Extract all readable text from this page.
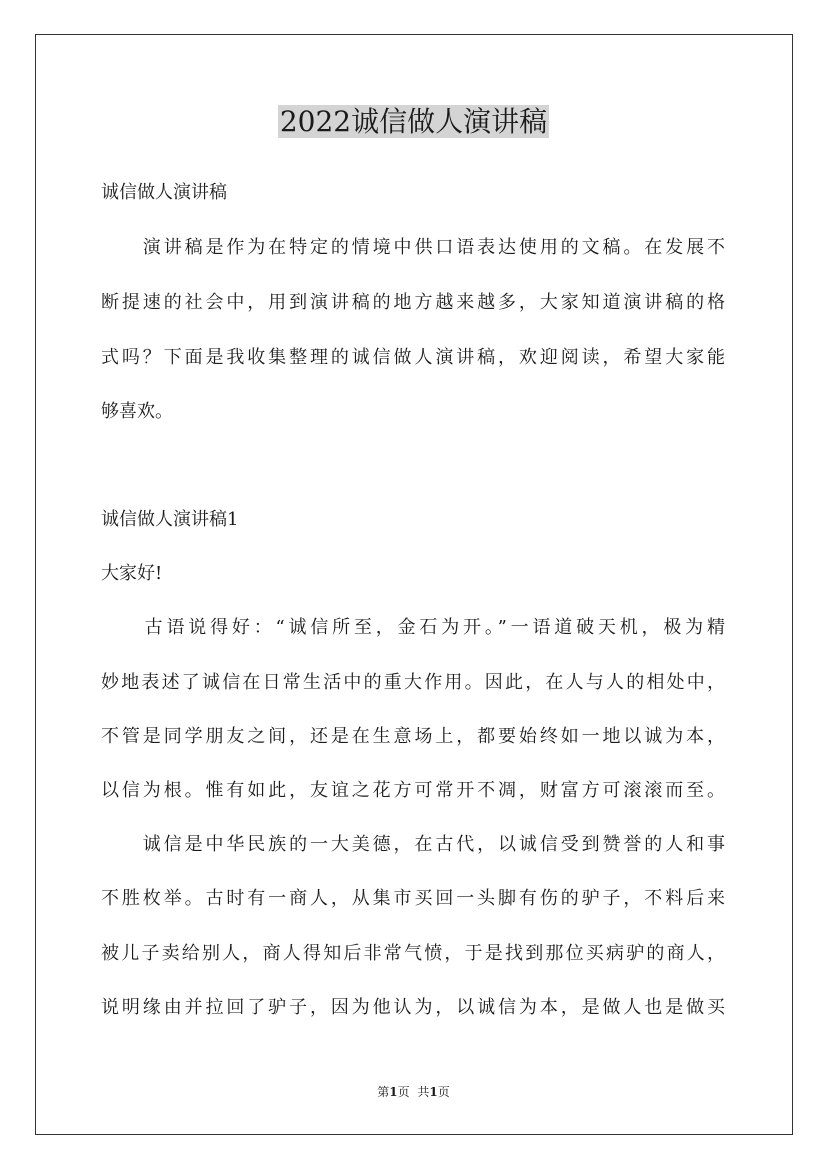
2022诚信做人演讲稿
诚信做人演讲稿
　　演讲稿是作为在特定的情境中供口语表达使用的文稿。在发展不
断提速的社会中，用到演讲稿的地方越来越多，大家知道演讲稿的格
式吗？下面是我收集整理的诚信做人演讲稿，欢迎阅读，希望大家能
够喜欢。
诚信做人演讲稿1
大家好!
　　古语说得好：“诚信所至，金石为开。”一语道破天机，极为精
妙地表述了诚信在日常生活中的重大作用。因此，在人与人的相处中，
不管是同学朋友之间，还是在生意场上，都要始终如一地以诚为本，
以信为根。惟有如此，友谊之花方可常开不凋，财富方可滚滚而至。
　　诚信是中华民族的一大美德，在古代，以诚信受到赞誉的人和事
不胜枚举。古时有一商人，从集市买回一头脚有伤的驴子，不料后来
被儿子卖给别人，商人得知后非常气愤，于是找到那位买病驴的商人，
说明缘由并拉回了驴子，因为他认为，以诚信为本，是做人也是做买
第1页 共1页
